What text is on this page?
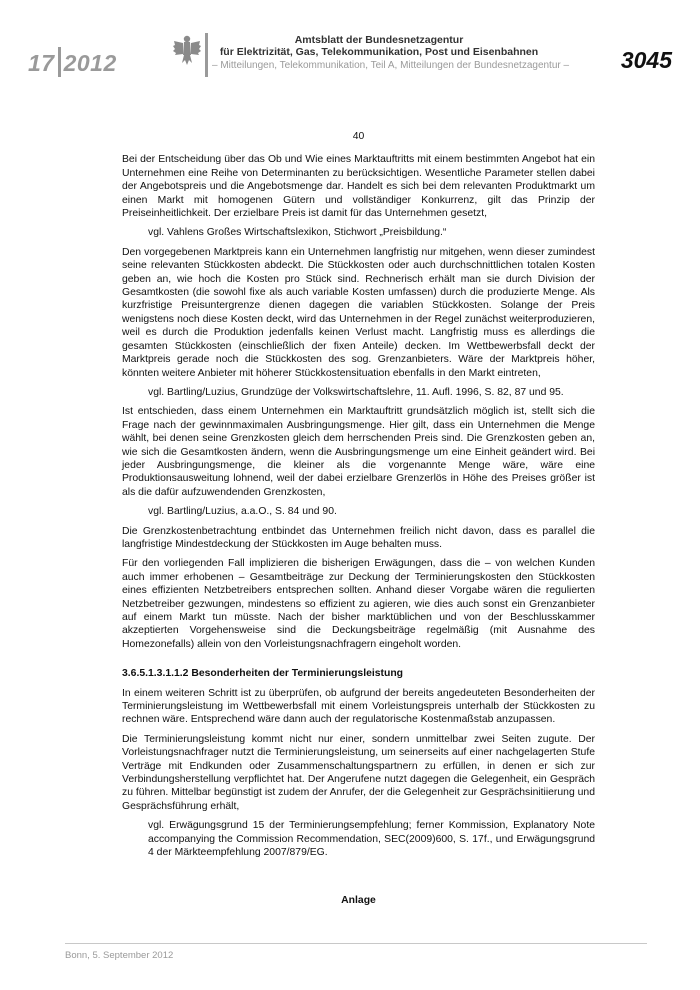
17 2012
Amtsblatt der Bundesnetzagentur
für Elektrizität, Gas, Telekommunikation, Post und Eisenbahnen
– Mitteilungen, Telekommunikation, Teil A, Mitteilungen der Bundesnetzagentur – 3045
40

Bei der Entscheidung über das Ob und Wie eines Marktauftritts mit einem bestimmten Angebot hat ein Unternehmen eine Reihe von Determinanten zu berücksichtigen. Wesentliche Parameter stellen dabei der Angebotspreis und die Angebotsmenge dar. Handelt es sich bei dem relevanten Produktmarkt um einen Markt mit homogenen Gütern und vollständiger Konkurrenz, gilt das Prinzip der Preiseinheitlichkeit. Der erzielbare Preis ist damit für das Unternehmen gesetzt,

vgl. Vahlens Großes Wirtschaftslexikon, Stichwort „Preisbildung.“

Den vorgegebenen Marktpreis kann ein Unternehmen langfristig nur mitgehen, wenn dieser zumindest seine relevanten Stückkosten abdeckt. Die Stückkosten oder auch durchschnittlichen totalen Kosten geben an, wie hoch die Kosten pro Stück sind. Rechnerisch erhält man sie durch Division der Gesamtkosten (die sowohl fixe als auch variable Kosten umfassen) durch die produzierte Menge. Als kurzfristige Preisuntergrenze dienen dagegen die variablen Stückkosten. Solange der Preis wenigstens noch diese Kosten deckt, wird das Unternehmen in der Regel zunächst weiterproduzieren, weil es durch die Produktion jedenfalls keinen Verlust macht. Langfristig muss es allerdings die gesamten Stückkosten (einschließlich der fixen Anteile) decken. Im Wettbewerbsfall deckt der Marktpreis gerade noch die Stückkosten des sog. Grenzanbieters. Wäre der Marktpreis höher, könnten weitere Anbieter mit höherer Stückkostensituation ebenfalls in den Markt eintreten,

vgl. Bartling/Luzius, Grundzüge der Volkswirtschaftslehre, 11. Aufl. 1996, S. 82, 87 und 95.

Ist entschieden, dass einem Unternehmen ein Marktauftritt grundsätzlich möglich ist, stellt sich die Frage nach der gewinnmaximalen Ausbringungsmenge. Hier gilt, dass ein Unternehmen die Menge wählt, bei denen seine Grenzkosten gleich dem herrschenden Preis sind. Die Grenzkosten geben an, wie sich die Gesamtkosten ändern, wenn die Ausbringungsmenge um eine Einheit geändert wird. Bei jeder Ausbringungsmenge, die kleiner als die vorgenannte Menge wäre, wäre eine Produktionsausweitung lohnend, weil der dabei erzielbare Grenzerlös in Höhe des Preises größer ist als die dafür aufzuwendenden Grenzkosten,

vgl. Bartling/Luzius, a.a.O., S. 84 und 90.

Die Grenzkostenbetrachtung entbindet das Unternehmen freilich nicht davon, dass es parallel die langfristige Mindestdeckung der Stückkosten im Auge behalten muss.

Für den vorliegenden Fall implizieren die bisherigen Erwägungen, dass die – von welchen Kunden auch immer erhobenen – Gesamtbeiträge zur Deckung der Terminierungskosten den Stückkosten eines effizienten Netzbetreibers entsprechen sollten. Anhand dieser Vorgabe wären die regulierten Netzbetreiber gezwungen, mindestens so effizient zu agieren, wie dies auch sonst ein Grenzanbieter auf einem Markt tun müsste. Nach der bisher marktüblichen und von der Beschlusskammer akzeptierten Vorgehensweise sind die Deckungsbeiträge regelmäßig (mit Ausnahme des Homezonefalls) allein von den Vorleistungsnachfragern eingeholt worden.

3.6.5.1.3.1.1.2 Besonderheiten der Terminierungsleistung

In einem weiteren Schritt ist zu überprüfen, ob aufgrund der bereits angedeuteten Besonderheiten der Terminierungsleistung im Wettbewerbsfall mit einem Vorleistungspreis unterhalb der Stückkosten zu rechnen wäre. Entsprechend wäre dann auch der regulatorische Kostenmaßstab anzupassen.

Die Terminierungsleistung kommt nicht nur einer, sondern unmittelbar zwei Seiten zugute. Der Vorleistungsnachfrager nutzt die Terminierungsleistung, um seinerseits auf einer nachgelagerten Stufe Verträge mit Endkunden oder Zusammenschaltungspartnern zu erfüllen, in denen er sich zur Verbindungsherstellung verpflichtet hat. Der Angerufene nutzt dagegen die Gelegenheit, ein Gespräch zu führen. Mittelbar begünstigt ist zudem der Anrufer, der die Gelegenheit zur Gesprächsinitiierung und Gesprächsführung erhält,

vgl. Erwägungsgrund 15 der Terminierungsempfehlung; ferner Kommission, Explanatory Note accompanying the Commission Recommendation, SEC(2009)600, S. 17f., und Erwägungsgrund 4 der Märkteempfehlung 2007/879/EG.

Anlage
Bonn, 5. September 2012
